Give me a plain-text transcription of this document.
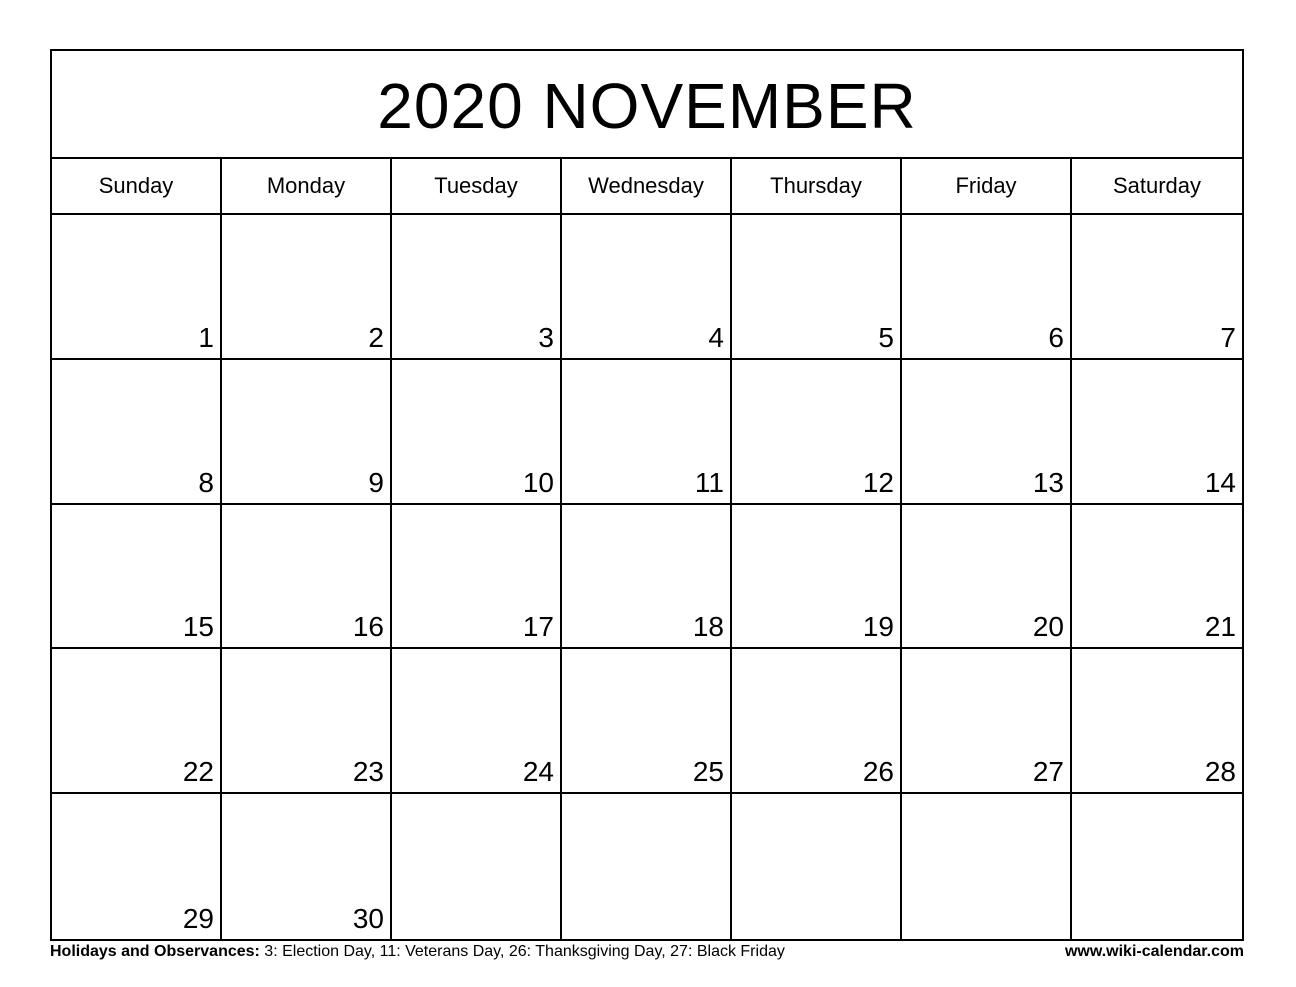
2020 NOVEMBER
Sunday	Monday	Tuesday	Wednesday	Thursday	Friday	Saturday
1	2	3	4	5	6	7
8	9	10	11	12	13	14
15	16	17	18	19	20	21
22	23	24	25	26	27	28
29	30
Holidays and Observances: 3: Election Day, 11: Veterans Day, 26: Thanksgiving Day, 27: Black Friday	www.wiki-calendar.com
